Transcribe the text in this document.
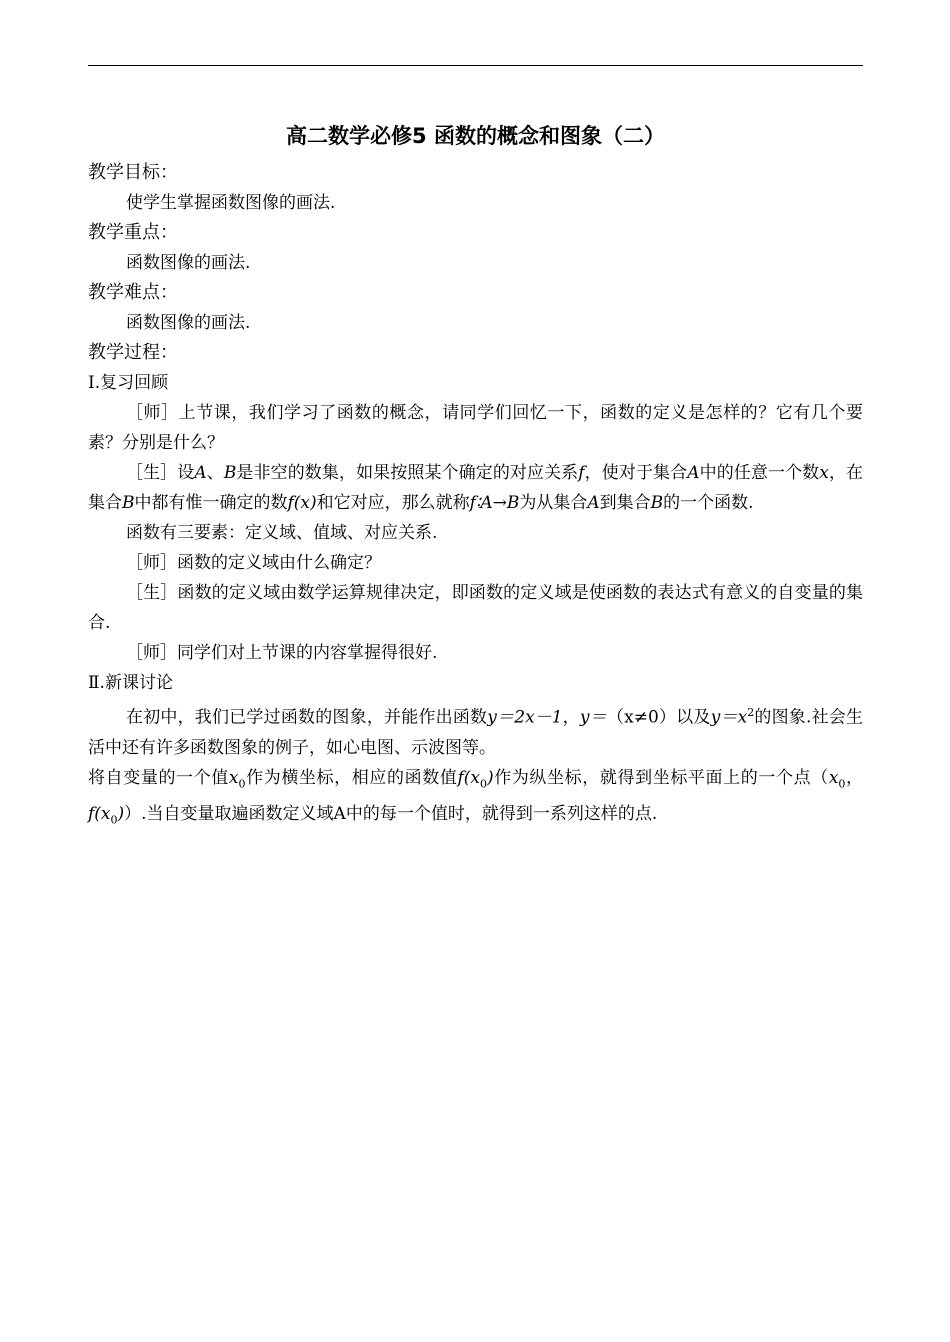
高二数学必修5 函数的概念和图象（二）
教学目标：
使学生掌握函数图像的画法.
教学重点：
函数图像的画法.
教学难点：
函数图像的画法.
教学过程：
Ⅰ.复习回顾
［师］上节课，我们学习了函数的概念，请同学们回忆一下，函数的定义是怎样的？它有几个要素？分别是什么？
［生］设A、B是非空的数集，如果按照某个确定的对应关系f，使对于集合A中的任意一个数x，在集合B中都有惟一确定的数f(x)和它对应，那么就称f∶A→B为从集合A到集合B的一个函数.
函数有三要素：定义域、值域、对应关系.
［师］函数的定义域由什么确定？
［生］函数的定义域由数学运算规律决定，即函数的定义域是使函数的表达式有意义的自变量的集合.
［师］同学们对上节课的内容掌握得很好.
Ⅱ.新课讨论
在初中，我们已学过函数的图象，并能作出函数y＝2x－1，y＝（x≠0）以及$y=x^2$的图象.社会生活中还有许多函数图象的例子，如心电图、示波图等。
将自变量的一个值$x_0$作为横坐标，相应的函数值$f(x_0)$作为纵坐标，就得到坐标平面上的一个点（$x_0$，$f(x_0)$）.当自变量取遍函数定义域A中的每一个值时，就得到一系列这样的点.
